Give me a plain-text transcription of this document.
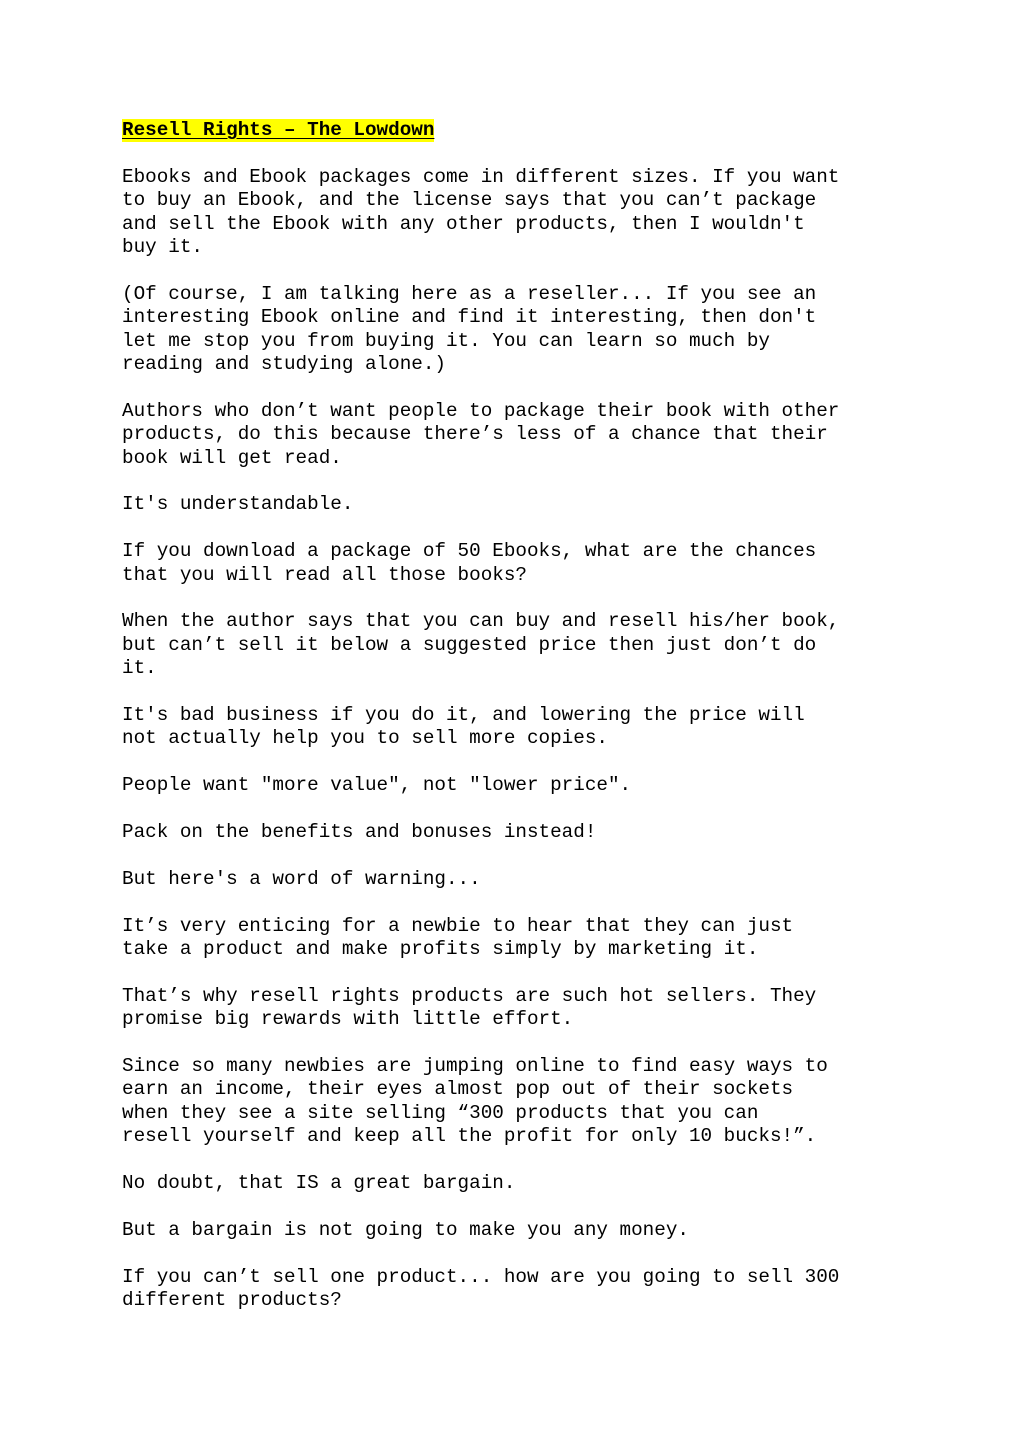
Resell Rights – The Lowdown

Ebooks and Ebook packages come in different sizes. If you want
to buy an Ebook, and the license says that you can’t package
and sell the Ebook with any other products, then I wouldn't
buy it.

(Of course, I am talking here as a reseller... If you see an
interesting Ebook online and find it interesting, then don't
let me stop you from buying it. You can learn so much by
reading and studying alone.)

Authors who don’t want people to package their book with other
products, do this because there’s less of a chance that their
book will get read.

It's understandable.

If you download a package of 50 Ebooks, what are the chances
that you will read all those books?

When the author says that you can buy and resell his/her book,
but can’t sell it below a suggested price then just don’t do
it.

It's bad business if you do it, and lowering the price will
not actually help you to sell more copies.

People want "more value", not "lower price".

Pack on the benefits and bonuses instead!

But here's a word of warning...

It’s very enticing for a newbie to hear that they can just
take a product and make profits simply by marketing it.

That’s why resell rights products are such hot sellers. They
promise big rewards with little effort.

Since so many newbies are jumping online to find easy ways to
earn an income, their eyes almost pop out of their sockets
when they see a site selling “300 products that you can
resell yourself and keep all the profit for only 10 bucks!”.

No doubt, that IS a great bargain.

But a bargain is not going to make you any money.

If you can’t sell one product... how are you going to sell 300
different products?
